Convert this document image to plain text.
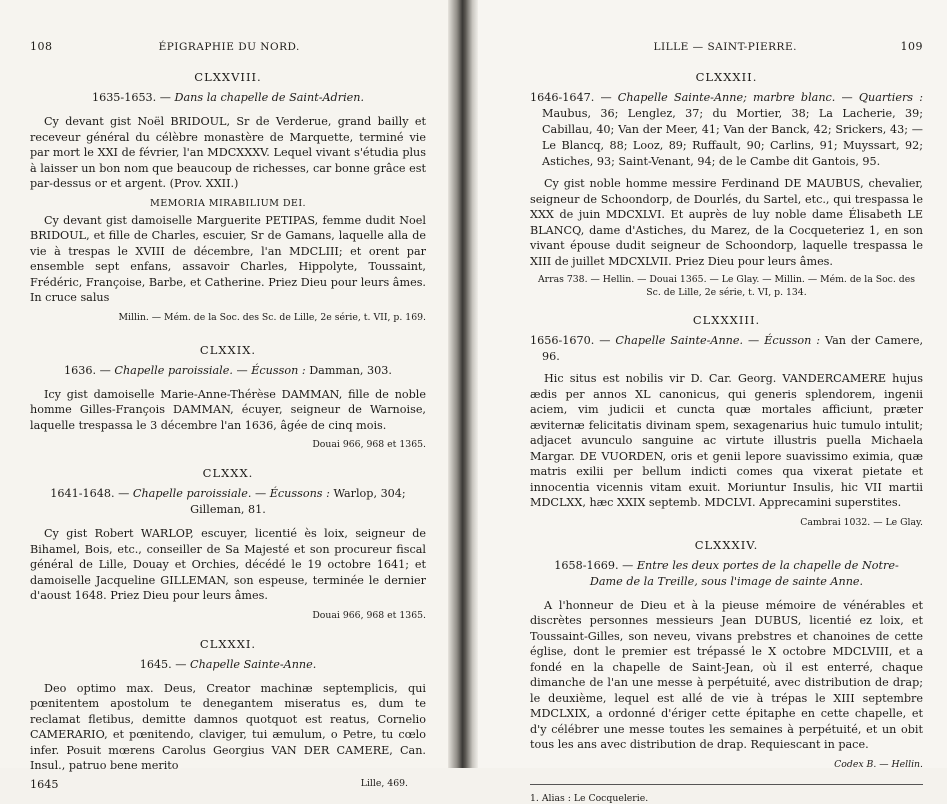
108	ÉPIGRAPHIE DU NORD.
CLXXVIII.
1635-1653. — Dans la chapelle de Saint-Adrien.
Cy devant gist Noël BRIDOUL, Sr de Verderue, grand bailly et receveur général du célèbre monastère de Marquette, terminé vie par mort le XXI de février, l'an MDCXXXV. Lequel vivant s'étudia plus à laisser un bon nom que beaucoup de richesses, car bonne grâce est par-dessus or et argent. (Prov. XXII.)
MEMORIA MIRABILIUM DEI.
Cy devant gist damoiselle Marguerite PETIPAS, femme dudit Noel BRIDOUL, et fille de Charles, escuier, Sr de Gamans, laquelle alla de vie à trespas le XVIII de décembre, l'an MDCLIII; et orent par ensemble sept enfans, assavoir Charles, Hippolyte, Toussaint, Frédéric, Françoise, Barbe, et Catherine. Priez Dieu pour leurs âmes. In cruce salus
Millin. — Mém. de la Soc. des Sc. de Lille, 2e série, t. VII, p. 169.
CLXXIX.
1636. — Chapelle paroissiale. — Écusson : Damman, 303.
Icy gist damoiselle Marie-Anne-Thérèse DAMMAN, fille de noble homme Gilles-François DAMMAN, écuyer, seigneur de Warnoise, laquelle trespassa le 3 décembre l'an 1636, âgée de cinq mois.
Douai 966, 968 et 1365.
CLXXX.
1641-1648. — Chapelle paroissiale. — Écussons : Warlop, 304; Gilleman, 81.
Cy gist Robert WARLOP, escuyer, licentié ès loix, seigneur de Bihamel, Bois, etc., conseiller de Sa Majesté et son procureur fiscal général de Lille, Douay et Orchies, décédé le 19 octobre 1641; et damoiselle Jacqueline GILLEMAN, son espeuse, terminée le dernier d'aoust 1648. Priez Dieu pour leurs âmes.
Douai 966, 968 et 1365.
CLXXXI.
1645. — Chapelle Sainte-Anne.
Deo optimo max. Deus, Creator machinæ septemplicis, qui pœnitentem apostolum te denegantem miseratus es, dum te reclamat fletibus, demitte damnos quotquot est reatus, Cornelio CAMERARIO, et pœnitendo, claviger, tui æmulum, o Petre, tu cœlo infer. Posuit mœrens Carolus Georgius VAN DER CAMERE, Can. Insul., patruo bene merito
1645	Lille, 469.
LILLE — SAINT-PIERRE.	109
CLXXXII.
1646-1647. — Chapelle Sainte-Anne; marbre blanc. — Quartiers : Maubus, 36; Lenglez, 37; du Mortier, 38; La Lacherie, 39; Cabillau, 40; Van der Meer, 41; Van der Banck, 42; Srickers, 43; — Le Blancq, 88; Looz, 89; Ruffault, 90; Carlins, 91; Muyssart, 92; Astiches, 93; Saint-Venant, 94; de le Cambe dit Gantois, 95.
Cy gist noble homme messire Ferdinand DE MAUBUS, chevalier, seigneur de Schoondorp, de Dourlés, du Sartel, etc., qui trespassa le XXX de juin MDCXLVI. Et auprès de luy noble dame Élisabeth LE BLANCQ, dame d'Astiches, du Marez, de la Cocqueteriez 1, en son vivant épouse dudit seigneur de Schoondorp, laquelle trespassa le XIII de juillet MDCXLVII. Priez Dieu pour leurs âmes.
Arras 738. — Hellin. — Douai 1365. — Le Glay. — Millin. — Mém. de la Soc. des Sc. de Lille, 2e série, t. VI, p. 134.
CLXXXIII.
1656-1670. — Chapelle Sainte-Anne. — Écusson : Van der Camere, 96.
Hic situs est nobilis vir D. Car. Georg. VANDERCAMERE hujus ædis per annos XL canonicus, qui generis splendorem, ingenii aciem, vim judicii et cuncta quæ mortales afficiunt, præter æviternæ felicitatis divinam spem, sexagenarius huic tumulo intulit; adjacet avunculo sanguine ac virtute illustris puella Michaela Margar. DE VUORDEN, oris et genii lepore suavissimo eximia, quæ matris exilii per bellum indicti comes qua vixerat pietate et innocentia vicennis vitam exuit. Moriuntur Insulis, hic VII martii MDCLXX, hæc XXIX septemb. MDCLVI. Apprecamini superstites.
Cambrai 1032. — Le Glay.
CLXXXIV.
1658-1669. — Entre les deux portes de la chapelle de Notre-Dame de la Treille, sous l'image de sainte Anne.
A l'honneur de Dieu et à la pieuse mémoire de vénérables et discrètes personnes messieurs Jean DUBUS, licentié ez loix, et Toussaint-Gilles, son neveu, vivans prebstres et chanoines de cette église, dont le premier est trépassé le X octobre MDCLVIII, et a fondé en la chapelle de Saint-Jean, où il est enterré, chaque dimanche de l'an une messe à perpétuité, avec distribution de drap; le deuxième, lequel est allé de vie à trépas le XIII septembre MDCLXIX, a ordonné d'ériger cette épitaphe en cette chapelle, et d'y célébrer une messe toutes les semaines à perpétuité, et un obit tous les ans avec distribution de drap. Requiescant in pace.
Codex B. — Hellin.
1. Alias : Le Cocquelerie.
